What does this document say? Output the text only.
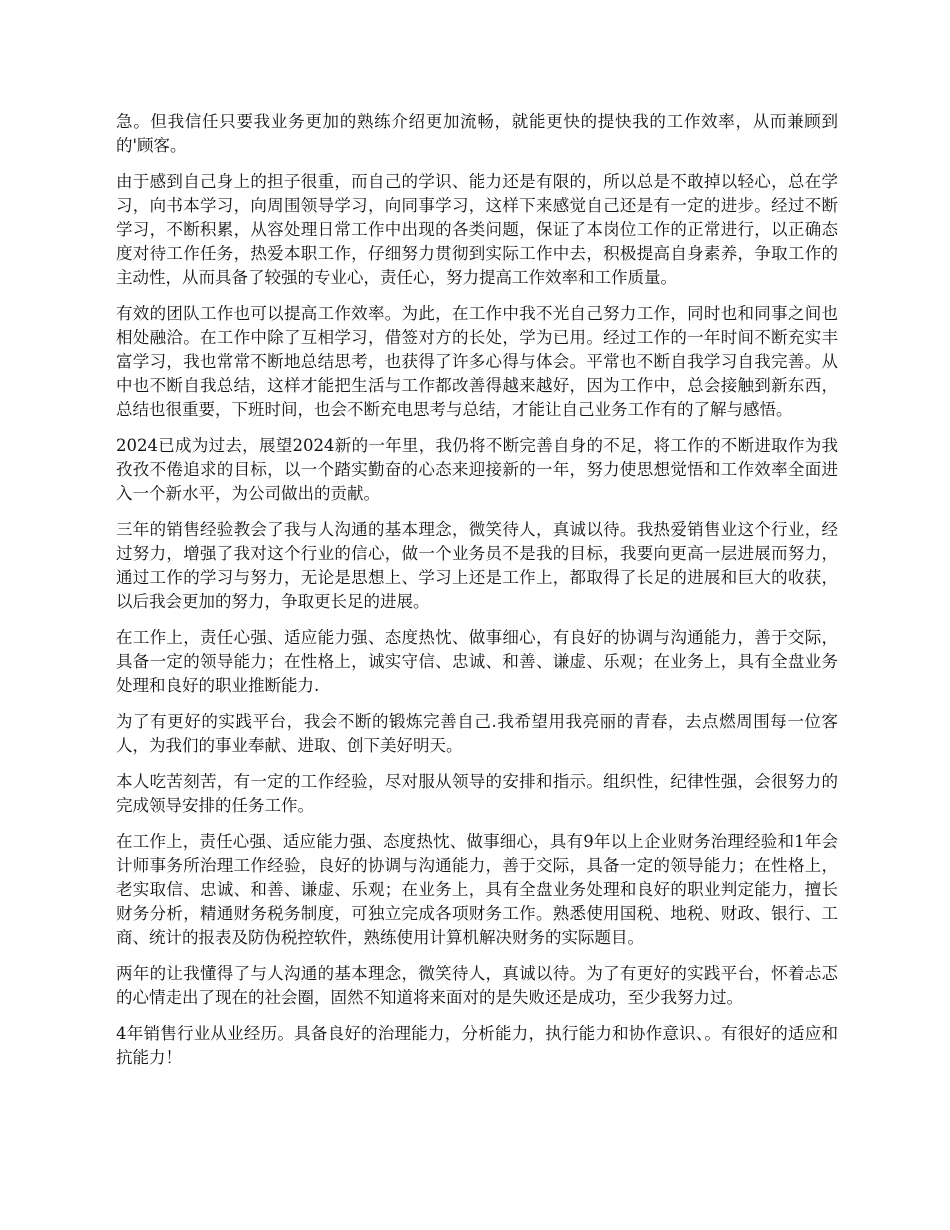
急。但我信任只要我业务更加的熟练介绍更加流畅，就能更快的提快我的工作效率，从而兼顾到的'顾客。

由于感到自己身上的担子很重，而自己的学识、能力还是有限的，所以总是不敢掉以轻心，总在学习，向书本学习，向周围领导学习，向同事学习，这样下来感觉自己还是有一定的进步。经过不断学习，不断积累，从容处理日常工作中出现的各类问题，保证了本岗位工作的正常进行，以正确态度对待工作任务，热爱本职工作，仔细努力贯彻到实际工作中去，积极提高自身素养，争取工作的主动性，从而具备了较强的专业心，责任心，努力提高工作效率和工作质量。

有效的团队工作也可以提高工作效率。为此，在工作中我不光自己努力工作，同时也和同事之间也相处融洽。在工作中除了互相学习，借签对方的长处，学为已用。经过工作的一年时间不断充实丰富学习，我也常常不断地总结思考，也获得了许多心得与体会。平常也不断自我学习自我完善。从中也不断自我总结，这样才能把生活与工作都改善得越来越好，因为工作中，总会接触到新东西，总结也很重要，下班时间，也会不断充电思考与总结，才能让自己业务工作有的了解与感悟。

2024已成为过去，展望2024新的一年里，我仍将不断完善自身的不足，将工作的不断进取作为我孜孜不倦追求的目标，以一个踏实勤奋的心态来迎接新的一年，努力使思想觉悟和工作效率全面进入一个新水平，为公司做出的贡献。

三年的销售经验教会了我与人沟通的基本理念，微笑待人，真诚以待。我热爱销售业这个行业，经过努力，增强了我对这个行业的信心，做一个业务员不是我的目标，我要向更高一层进展而努力，通过工作的学习与努力，无论是思想上、学习上还是工作上，都取得了长足的进展和巨大的收获，以后我会更加的努力，争取更长足的进展。

在工作上，责任心强、适应能力强、态度热忱、做事细心，有良好的协调与沟通能力，善于交际，具备一定的领导能力；在性格上，诚实守信、忠诚、和善、谦虚、乐观；在业务上，具有全盘业务处理和良好的职业推断能力.

为了有更好的实践平台，我会不断的锻炼完善自己.我希望用我亮丽的青春，去点燃周围每一位客人，为我们的事业奉献、进取、创下美好明天。

本人吃苦刻苦，有一定的工作经验，尽对服从领导的安排和指示。组织性，纪律性强，会很努力的完成领导安排的任务工作。

在工作上，责任心强、适应能力强、态度热忱、做事细心，具有9年以上企业财务治理经验和1年会计师事务所治理工作经验，良好的协调与沟通能力，善于交际，具备一定的领导能力；在性格上，老实取信、忠诚、和善、谦虚、乐观；在业务上，具有全盘业务处理和良好的职业判定能力，擅长财务分析，精通财务税务制度，可独立完成各项财务工作。熟悉使用国税、地税、财政、银行、工商、统计的报表及防伪税控软件，熟练使用计算机解决财务的实际题目。

两年的让我懂得了与人沟通的基本理念，微笑待人，真诚以待。为了有更好的实践平台，怀着忐忑的心情走出了现在的社会圈，固然不知道将来面对的是失败还是成功，至少我努力过。

4年销售行业从业经历。具备良好的治理能力，分析能力，执行能力和协作意识、。有很好的适应和抗能力！
